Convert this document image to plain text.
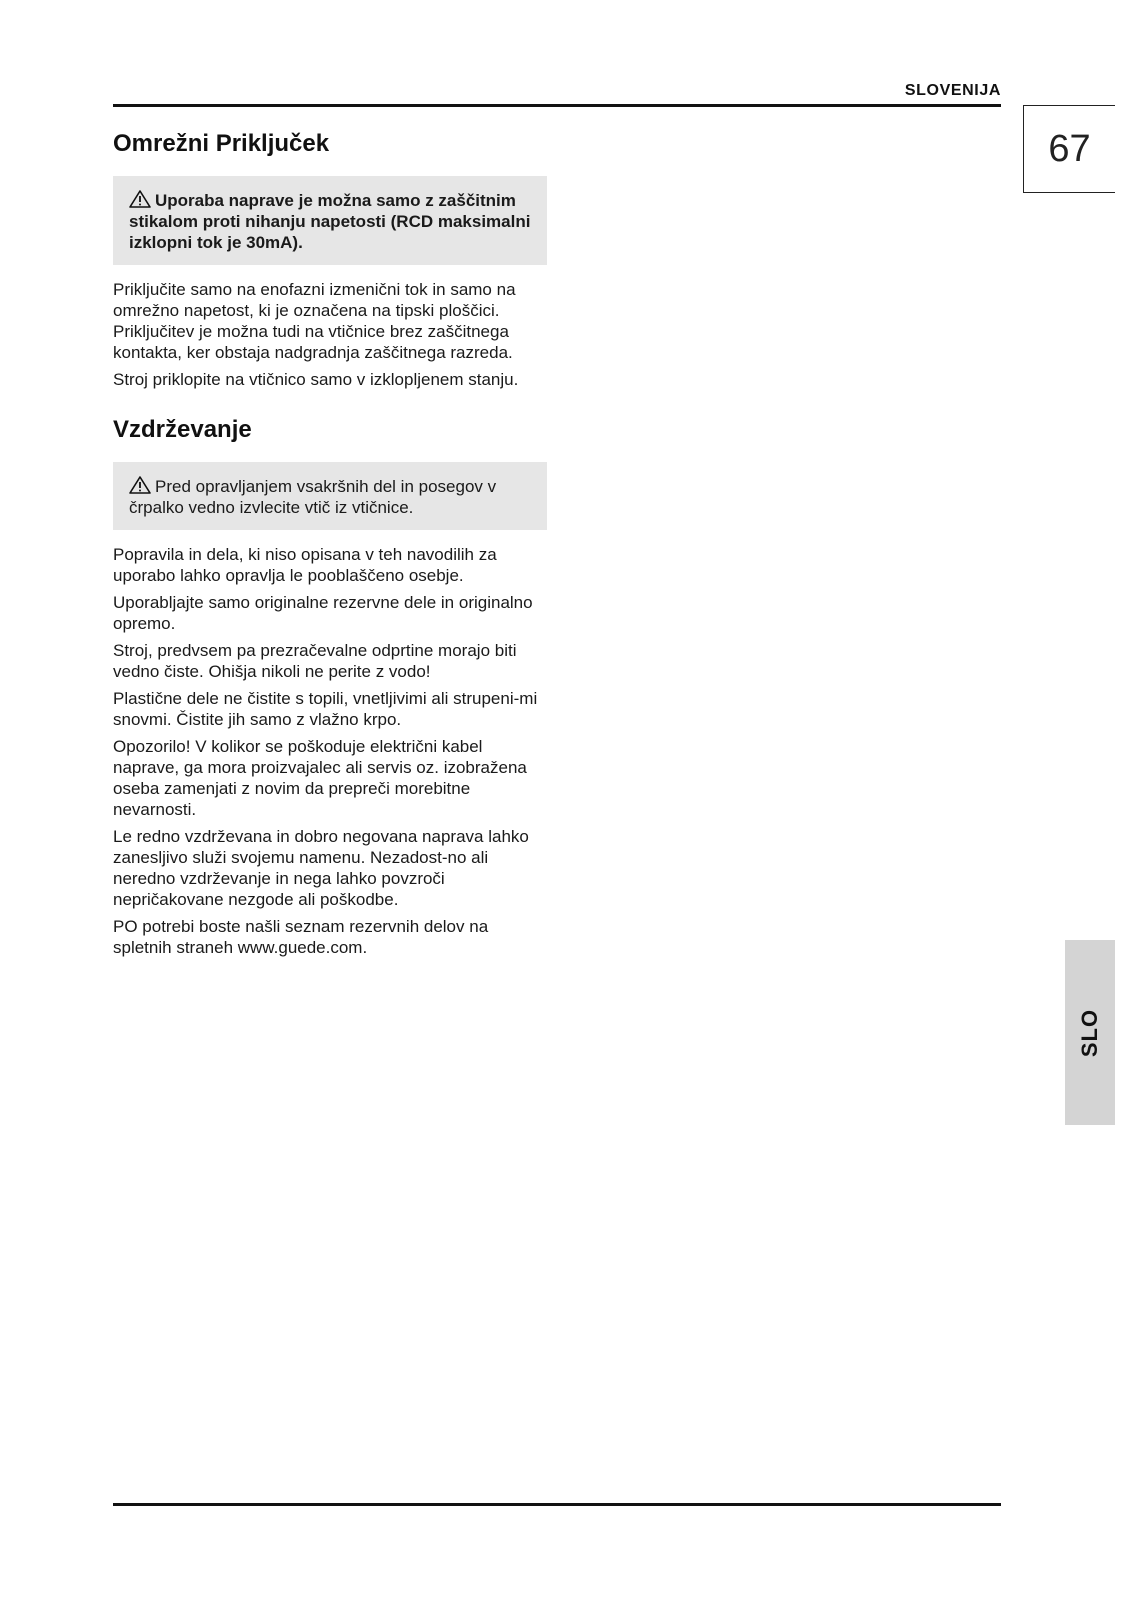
SLOVENIJA
67
SLO
Omrežni Priključek
Uporaba naprave je možna samo z zaščitnim stikalom proti nihanju napetosti (RCD maksimalni izklopni tok je 30mA).

Priključite samo na enofazni izmenični tok in samo na omrežno napetost, ki je označena na tipski ploščici. Priključitev je možna tudi na vtičnice brez zaščitnega kontakta, ker obstaja nadgradnja zaščitnega razreda.

Stroj priklopite na vtičnico samo v izklopljenem stanju.

Vzdrževanje
Pred opravljanjem vsakršnih del in posegov v črpalko vedno izvlecite vtič iz vtičnice.

Popravila in dela, ki niso opisana v teh navodilih za uporabo lahko opravlja le pooblaščeno osebje.

Uporabljajte samo originalne rezervne dele in originalno opremo.

Stroj, predvsem pa prezračevalne odprtine morajo biti vedno čiste. Ohišja nikoli ne perite z vodo!

Plastične dele ne čistite s topili, vnetljivimi ali strupeni-mi snovmi. Čistite jih samo z vlažno krpo.

Opozorilo! V kolikor se poškoduje električni kabel naprave, ga mora proizvajalec ali servis oz. izobražena oseba zamenjati z novim da prepreči morebitne nevarnosti.

Le redno vzdrževana in dobro negovana naprava lahko zanesljivo služi svojemu namenu. Nezadost-no ali neredno vzdrževanje in nega lahko povzroči nepričakovane nezgode ali poškodbe.

PO potrebi boste našli seznam rezervnih delov na spletnih straneh www.guede.com.
